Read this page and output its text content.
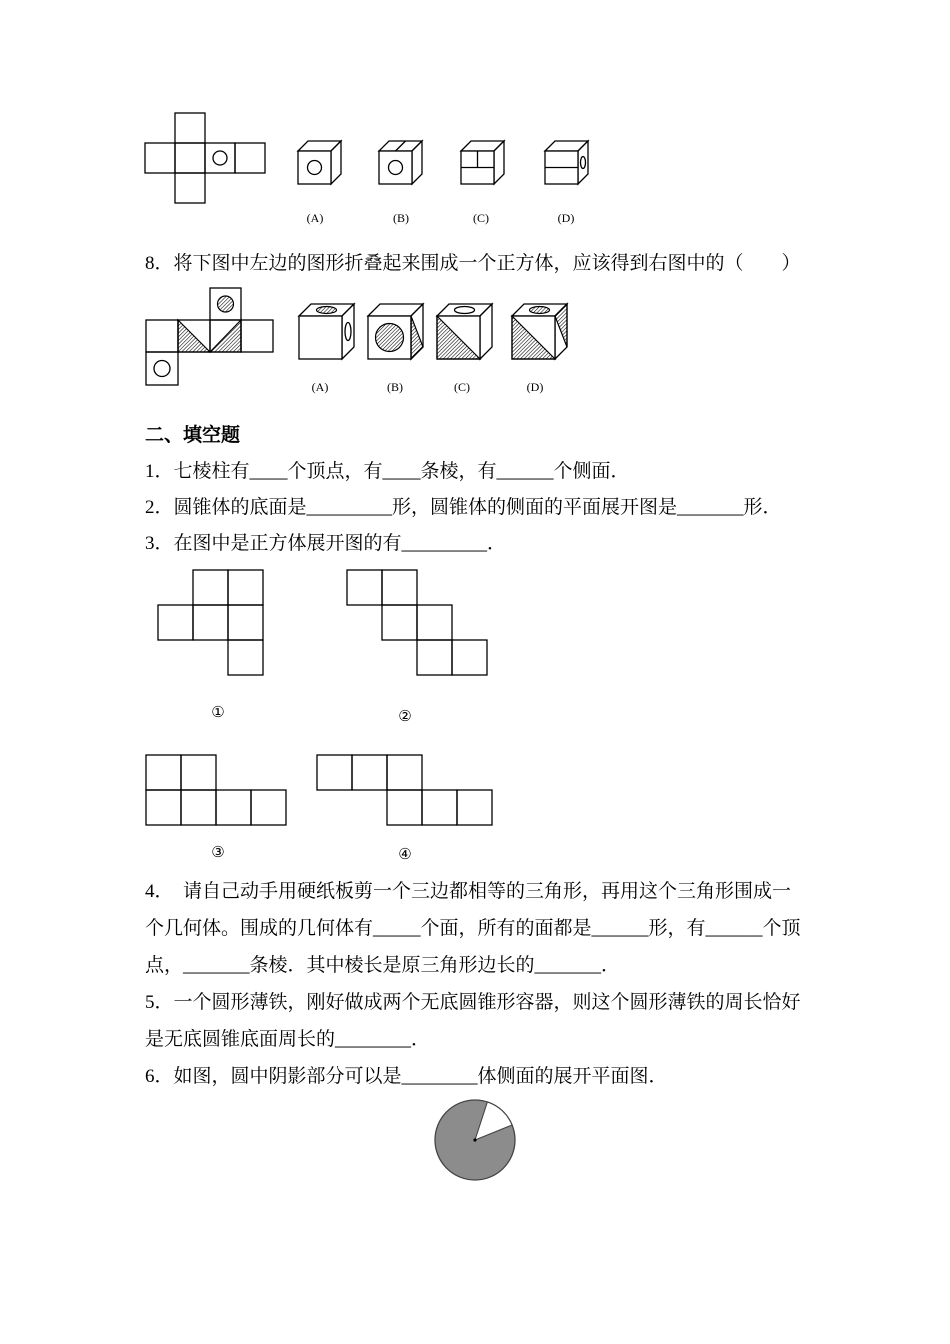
(A)	(B)	(C)	(D)
8．将下图中左边的图形折叠起来围成一个正方体，应该得到右图中的（　　）
(A)	(B)	(C)	(D)
二、填空题
1．七棱柱有____个顶点，有____条棱，有______个侧面．
2．圆锥体的底面是_________形，圆锥体的侧面的平面展开图是_______形．
3．在图中是正方体展开图的有_________．
①	②
③	④
4．　请自己动手用硬纸板剪一个三边都相等的三角形，再用这个三角形围成一
个几何体。围成的几何体有_____个面，所有的面都是______形，有______个顶
点，_______条棱．其中棱长是原三角形边长的_______．
5．一个圆形薄铁，刚好做成两个无底圆锥形容器，则这个圆形薄铁的周长恰好
是无底圆锥底面周长的________．
6．如图，圆中阴影部分可以是________体侧面的展开平面图．
